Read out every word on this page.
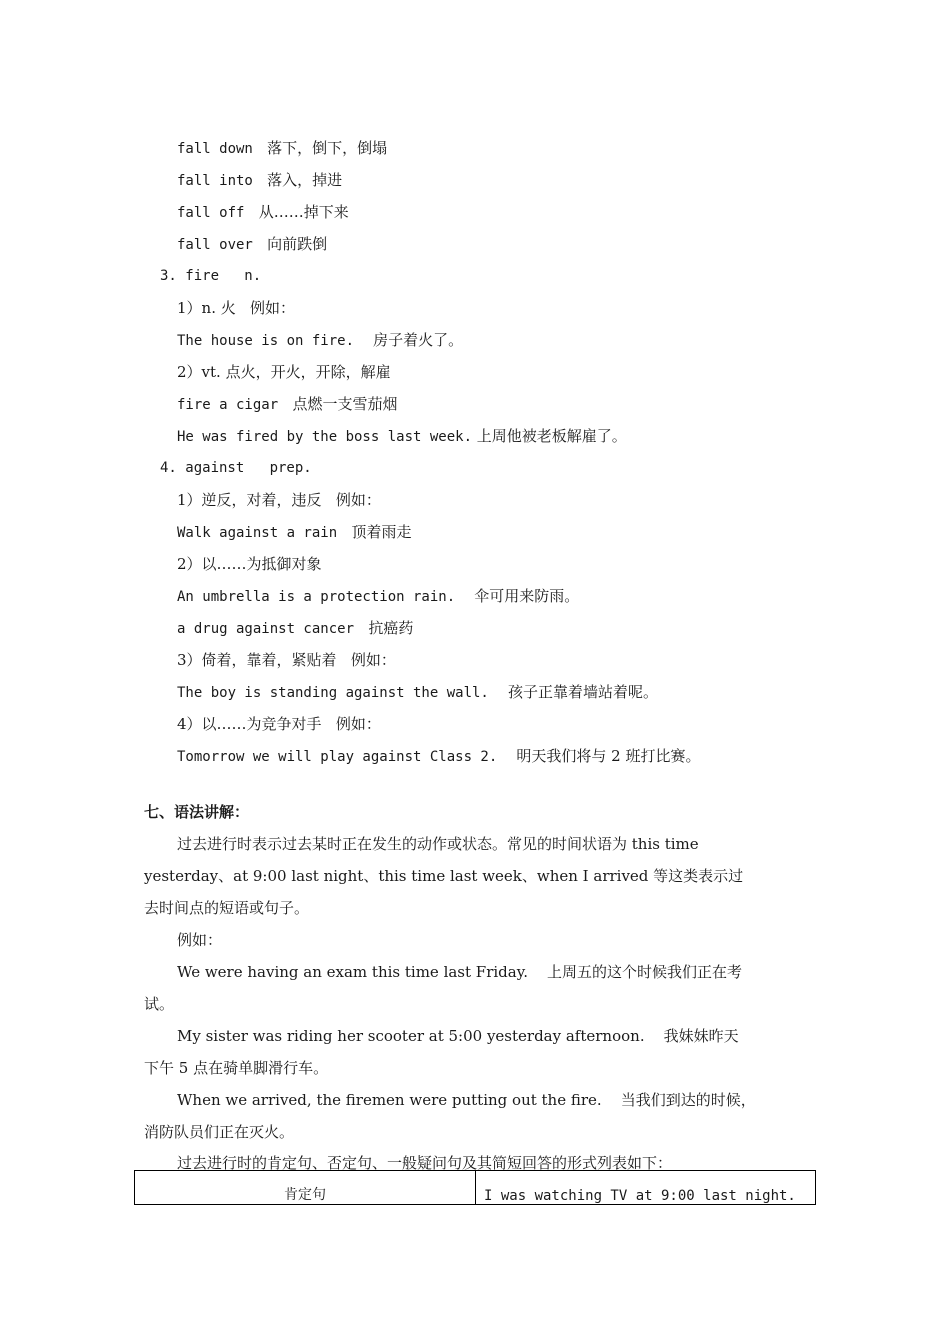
fall down 落下，倒下，倒塌
fall into 落入，掉进
fall off 从……掉下来
fall over 向前跌倒
3. fire   n.
1）n. 火   例如：
The house is on fire. 房子着火了。
2）vt. 点火，开火，开除，解雇
fire a cigar 点燃一支雪茄烟
He was fired by the boss last week. 上周他被老板解雇了。
4. against   prep.
1）逆反，对着，违反   例如：
Walk against a rain 顶着雨走
2）以……为抵御对象
An umbrella is a protection rain. 伞可用来防雨。
a drug against cancer 抗癌药
3）倚着，靠着，紧贴着   例如：
The boy is standing against the wall. 孩子正靠着墙站着呢。
4）以……为竞争对手   例如：
Tomorrow we will play against Class 2. 明天我们将与 2 班打比赛。
七、语法讲解：
过去进行时表示过去某时正在发生的动作或状态。常见的时间状语为 this time
yesterday、at 9:00 last night、this time last week、when I arrived 等这类表示过
去时间点的短语或句子。
例如：
We were having an exam this time last Friday.    上周五的这个时候我们正在考
试。
My sister was riding her scooter at 5:00 yesterday afternoon.    我妹妹昨天
下午 5 点在骑单脚滑行车。
When we arrived, the firemen were putting out the fire.    当我们到达的时候，
消防队员们正在灭火。
过去进行时的肯定句、否定句、一般疑问句及其简短回答的形式列表如下：
肯定句	I was watching TV at 9:00 last night.
